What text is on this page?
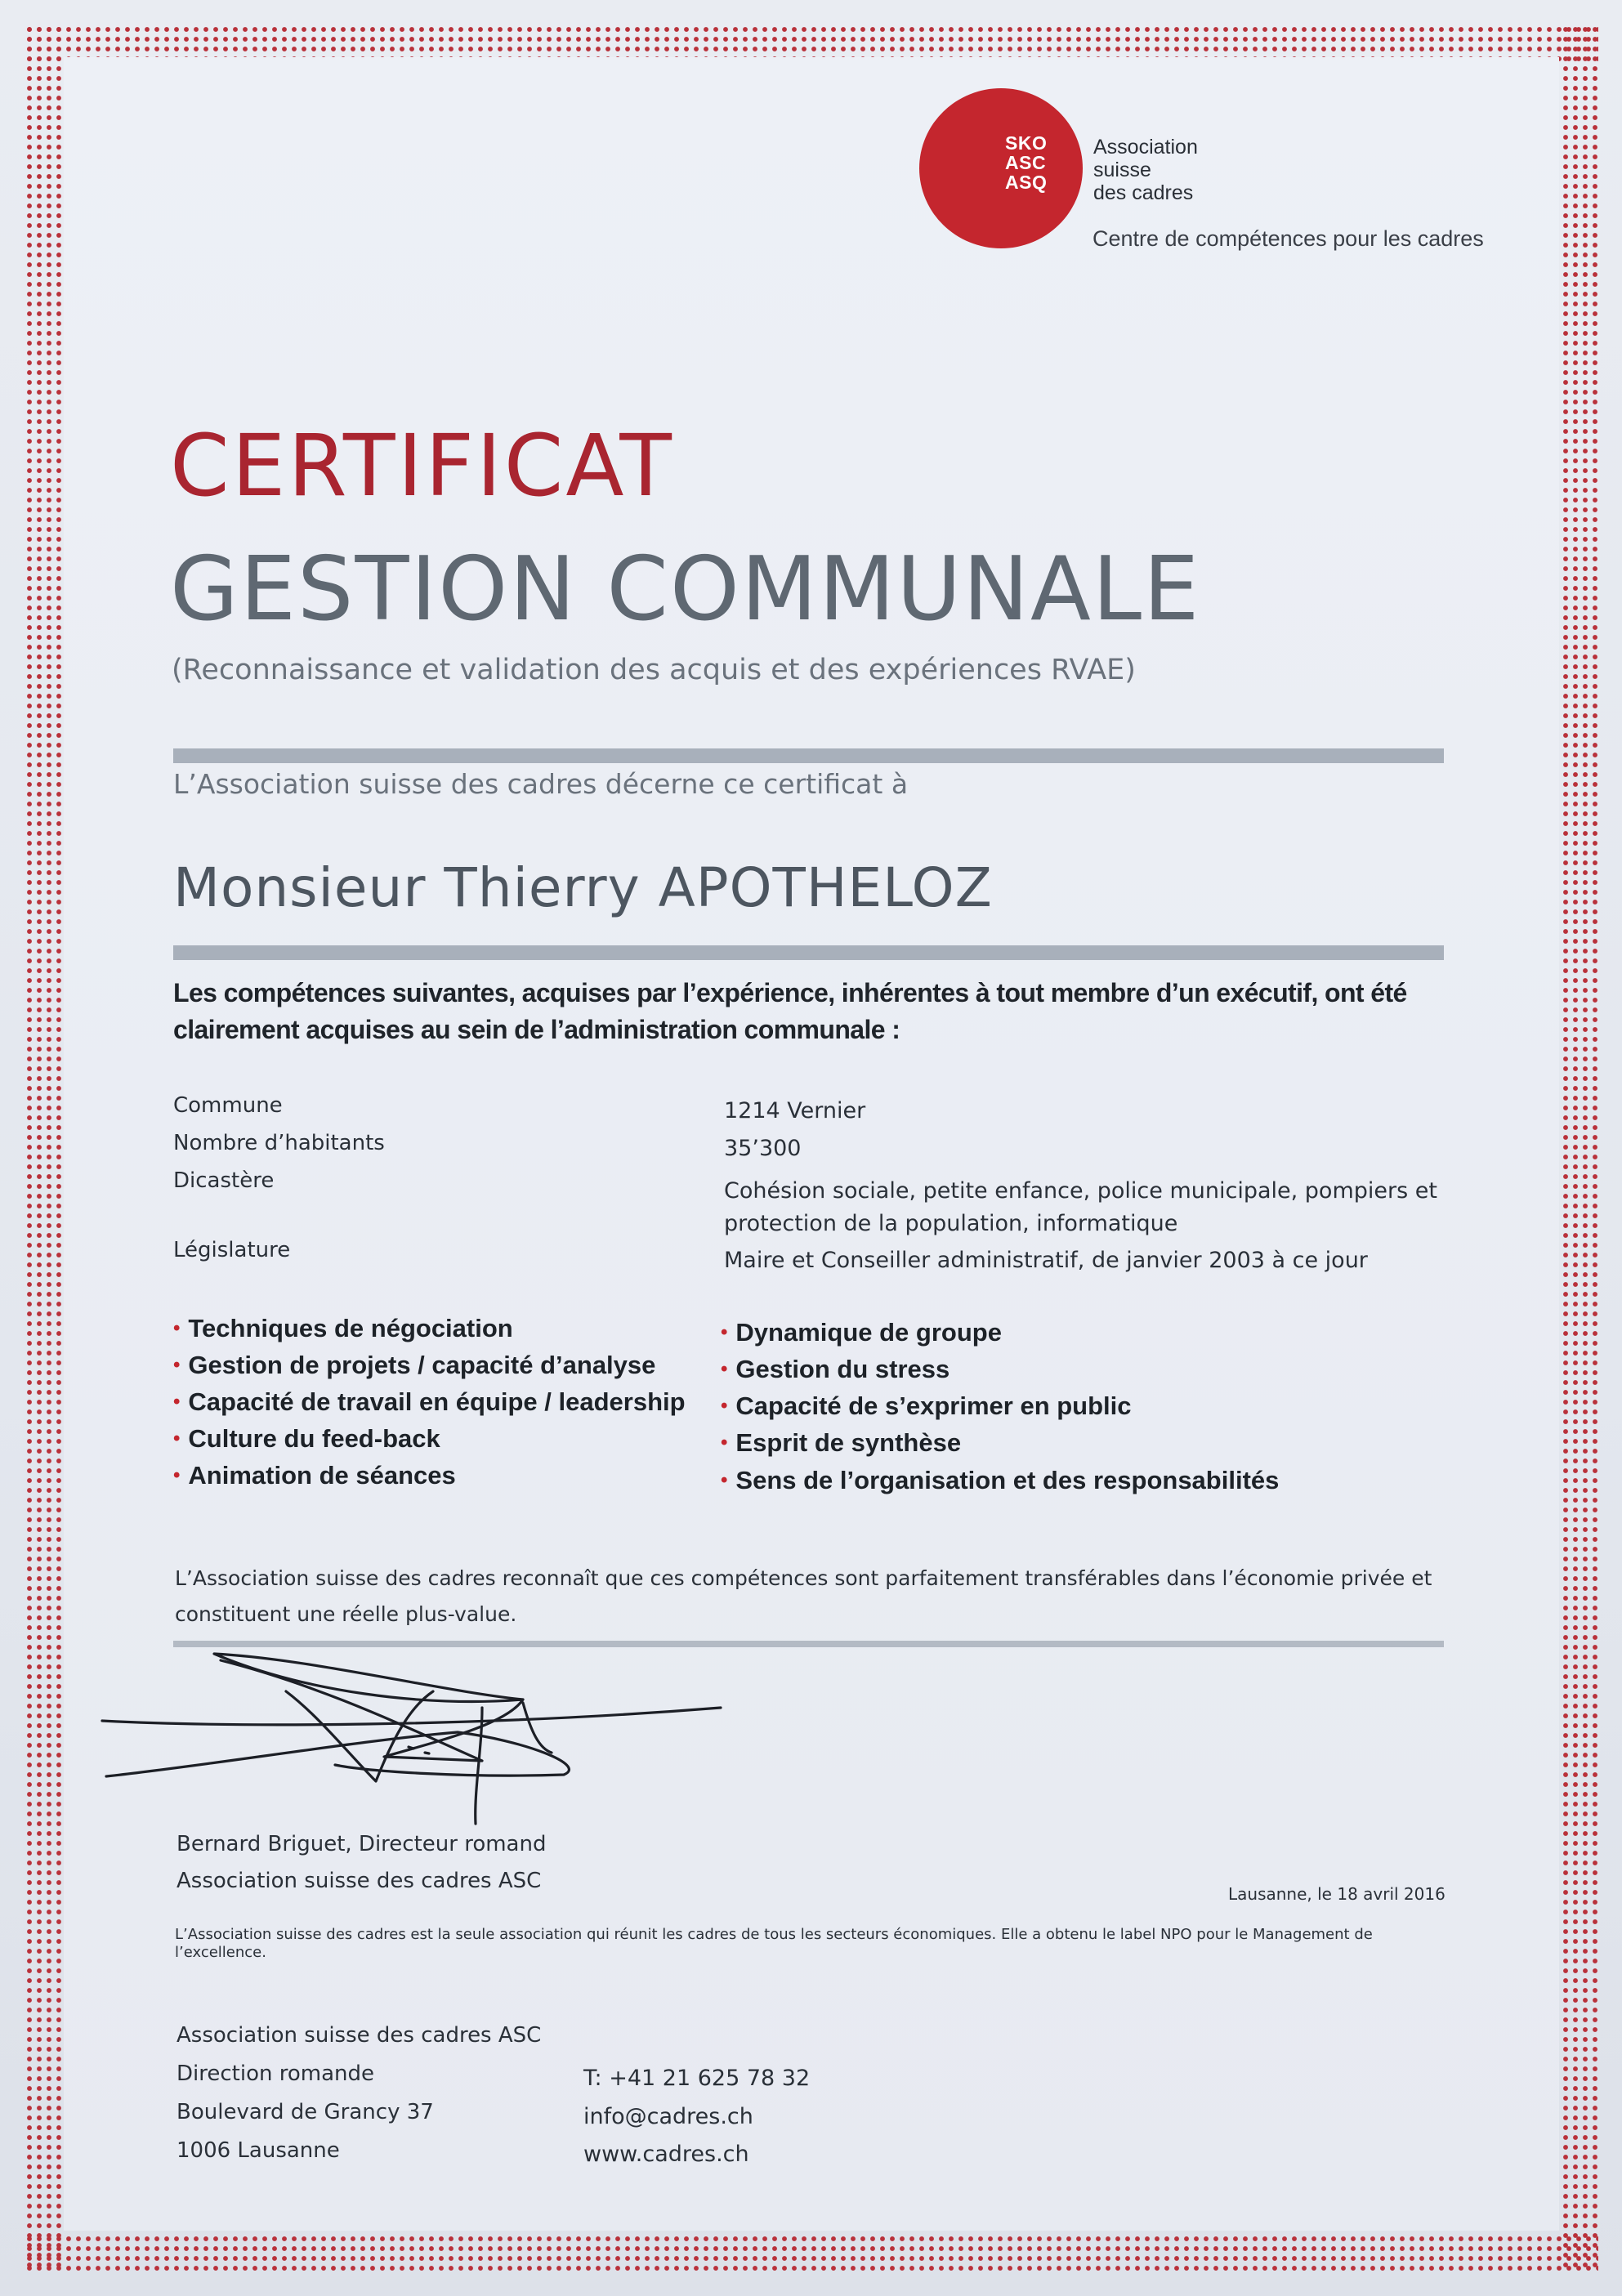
SKO
ASC
ASQ
Association
suisse
des cadres
Centre de compétences pour les cadres
CERTIFICAT
GESTION COMMUNALE
(Reconnaissance et validation des acquis et des expériences RVAE)
L’Association suisse des cadres décerne ce certificat à
Monsieur Thierry APOTHELOZ
Les compétences suivantes, acquises par l’expérience, inhérentes à tout membre d’un exécutif, ont été clairement acquises au sein de l’administration communale :
Commune	1214 Vernier
Nombre d’habitants	35’300
Dicastère	Cohésion sociale, petite enfance, police municipale, pompiers et protection de la population, informatique
Législature	Maire et Conseiller administratif, de janvier 2003 à ce jour
• Techniques de négociation
• Gestion de projets / capacité d’analyse
• Capacité de travail en équipe / leadership
• Culture du feed-back
• Animation de séances
• Dynamique de groupe
• Gestion du stress
• Capacité de s’exprimer en public
• Esprit de synthèse
• Sens de l’organisation et des responsabilités
L’Association suisse des cadres reconnaît que ces compétences sont parfaitement transférables dans l’économie privée et constituent une réelle plus-value.
Bernard Briguet, Directeur romand
Association suisse des cadres ASC
Lausanne, le 18 avril 2016
L’Association suisse des cadres est la seule association qui réunit les cadres de tous les secteurs économiques. Elle a obtenu le label NPO pour le Management de l’excellence.
Association suisse des cadres ASC
Direction romande
Boulevard de Grancy 37
1006 Lausanne
T: +41 21 625 78 32
info@cadres.ch
www.cadres.ch
